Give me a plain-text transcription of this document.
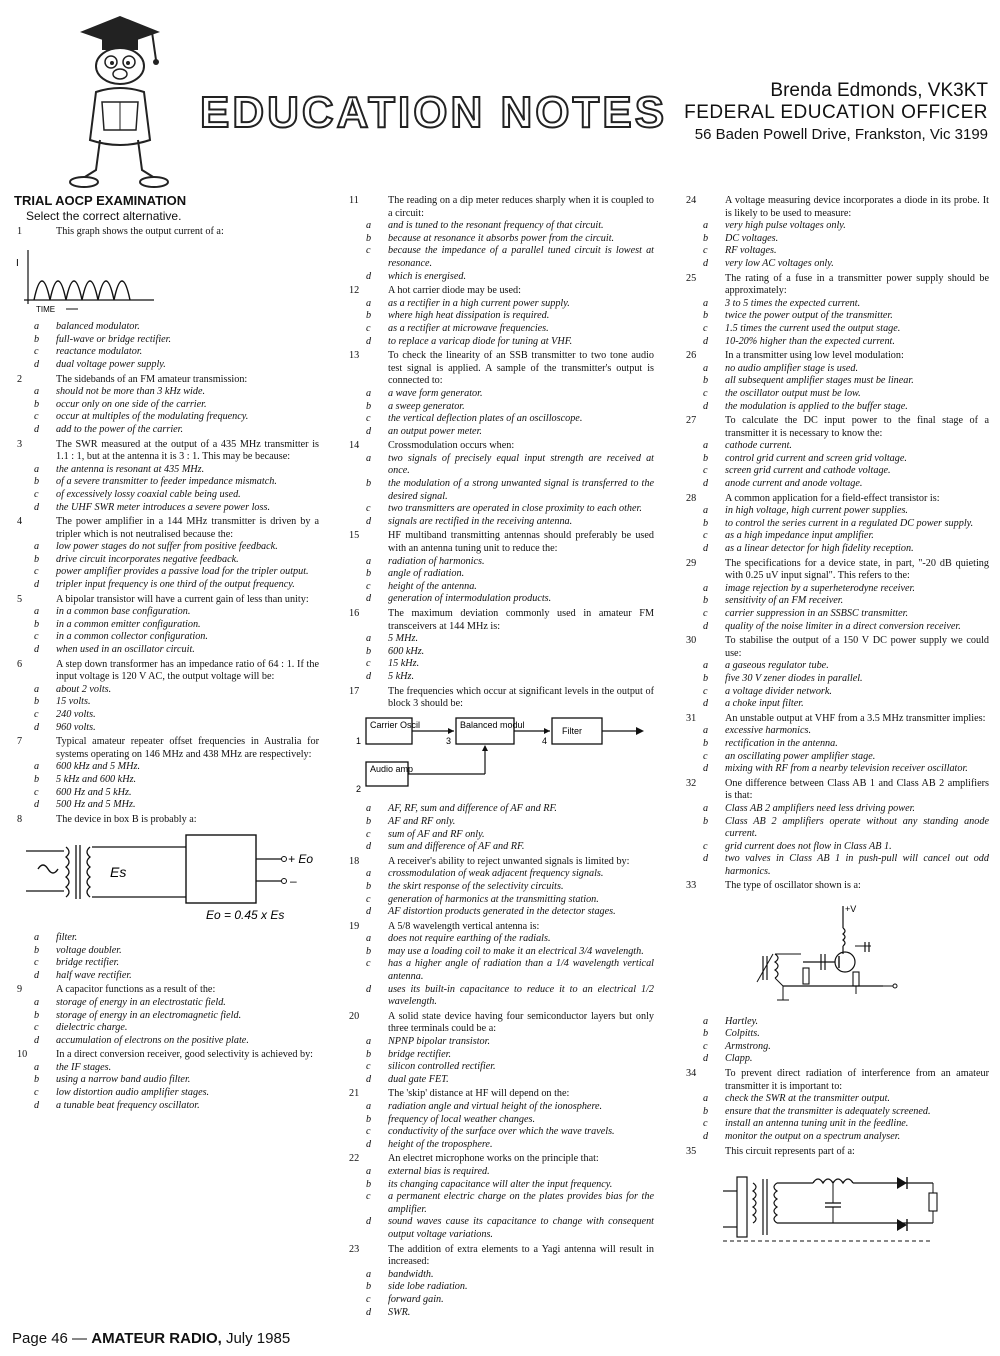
EDUCATION NOTES	Brenda Edmonds, VK3KT
FEDERAL EDUCATION OFFICER
56 Baden Powell Drive, Frankston, Vic 3199
TRIAL AOCP EXAMINATION
Select the correct alternative.
1	This graph shows the output current of a:
I
TIME
a	balanced modulator.
b	full-wave or bridge rectifier.
c	reactance modulator.
d	dual voltage power supply.
2	The sidebands of an FM amateur transmission:
a	should not be more than 3 kHz wide.
b	occur only on one side of the carrier.
c	occur at multiples of the modulating frequency.
d	add to the power of the carrier.
3	The SWR measured at the output of a 435 MHz transmitter is 1.1 : 1, but at the antenna it is 3 : 1. This may be because:
a	the antenna is resonant at 435 MHz.
b	of a severe transmitter to feeder impedance mismatch.
c	of excessively lossy coaxial cable being used.
d	the UHF SWR meter introduces a severe power loss.
4	The power amplifier in a 144 MHz transmitter is driven by a tripler which is not neutralised because the:
a	low power stages do not suffer from positive feedback.
b	drive circuit incorporates negative feedback.
c	power amplifier provides a passive load for the tripler output.
d	tripler input frequency is one third of the output frequency.
5	A bipolar transistor will have a current gain of less than unity:
a	in a common base configuration.
b	in a common emitter configuration.
c	in a common collector configuration.
d	when used in an oscillator circuit.
6	A step down transformer has an impedance ratio of 64 : 1. If the input voltage is 120 V AC, the output voltage will be:
a	about 2 volts.
b	15 volts.
c	240 volts.
d	960 volts.
7	Typical amateur repeater offset frequencies in Australia for systems operating on 146 MHz and 438 MHz are respectively:
a	600 kHz and 5 MHz.
b	5 kHz and 600 kHz.
c	600 Hz and 5 kHz.
d	500 Hz and 5 MHz.
8	The device in box B is probably a:
Es
+ Eo
–
Eo = 0.45 x Es
a	filter.
b	voltage doubler.
c	bridge rectifier.
d	half wave rectifier.
9	A capacitor functions as a result of the:
a	storage of energy in an electrostatic field.
b	storage of energy in an electromagnetic field.
c	dielectric charge.
d	accumulation of electrons on the positive plate.
10	In a direct conversion receiver, good selectivity is achieved by:
a	the IF stages.
b	using a narrow band audio filter.
c	low distortion audio amplifier stages.
d	a tunable beat frequency oscillator.
11	The reading on a dip meter reduces sharply when it is coupled to a circuit:
a	and is tuned to the resonant frequency of that circuit.
b	because at resonance it absorbs power from the circuit.
c	because the impedance of a parallel tuned circuit is lowest at resonance.
d	which is energised.
12	A hot carrier diode may be used:
a	as a rectifier in a high current power supply.
b	where high heat dissipation is required.
c	as a rectifier at microwave frequencies.
d	to replace a varicap diode for tuning at VHF.
13	To check the linearity of an SSB transmitter to two tone audio test signal is applied. A sample of the transmitter's output is connected to:
a	a wave form generator.
b	a sweep generator.
c	the vertical deflection plates of an oscilloscope.
d	an output power meter.
14	Crossmodulation occurs when:
a	two signals of precisely equal input strength are received at once.
b	the modulation of a strong unwanted signal is transferred to the desired signal.
c	two transmitters are operated in close proximity to each other.
d	signals are rectified in the receiving antenna.
15	HF multiband transmitting antennas should preferably be used with an antenna tuning unit to reduce the:
a	radiation of harmonics.
b	angle of radiation.
c	height of the antenna.
d	generation of intermodulation products.
16	The maximum deviation commonly used in amateur FM transceivers at 144 MHz is:
a	5 MHz.
b	600 kHz.
c	15 kHz.
d	5 kHz.
17	The frequencies which occur at significant levels in the output of block 3 should be:
Carrier Oscil	Balanced modul
Filter
Audio amp
1
2
3	4
a	AF, RF, sum and difference of AF and RF.
b	AF and RF only.
c	sum of AF and RF only.
d	sum and difference of AF and RF.
18	A receiver's ability to reject unwanted signals is limited by:
a	crossmodulation of weak adjacent frequency signals.
b	the skirt response of the selectivity circuits.
c	generation of harmonics at the transmitting station.
d	AF distortion products generated in the detector stages.
19	A 5/8 wavelength vertical antenna is:
a	does not require earthing of the radials.
b	may use a loading coil to make it an electrical 3/4 wavelength.
c	has a higher angle of radiation than a 1/4 wavelength vertical antenna.
d	uses its built-in capacitance to reduce it to an electrical 1/2 wavelength.
20	A solid state device having four semiconductor layers but only three terminals could be a:
a	NPNP bipolar transistor.
b	bridge rectifier.
c	silicon controlled rectifier.
d	dual gate FET.
21	The 'skip' distance at HF will depend on the:
a	radiation angle and virtual height of the ionosphere.
b	frequency of local weather changes.
c	conductivity of the surface over which the wave travels.
d	height of the troposphere.
22	An electret microphone works on the principle that:
a	external bias is required.
b	its changing capacitance will alter the input frequency.
c	a permanent electric charge on the plates provides bias for the amplifier.
d	sound waves cause its capacitance to change with consequent output voltage variations.
23	The addition of extra elements to a Yagi antenna will result in increased:
a	bandwidth.
b	side lobe radiation.
c	forward gain.
d	SWR.
24	A voltage measuring device incorporates a diode in its probe. It is likely to be used to measure:
a	very high pulse voltages only.
b	DC voltages.
c	RF voltages.
d	very low AC voltages only.
25	The rating of a fuse in a transmitter power supply should be approximately:
a	3 to 5 times the expected current.
b	twice the power output of the transmitter.
c	1.5 times the current used the output stage.
d	10-20% higher than the expected current.
26	In a transmitter using low level modulation:
a	no audio amplifier stage is used.
b	all subsequent amplifier stages must be linear.
c	the oscillator output must be low.
d	the modulation is applied to the buffer stage.
27	To calculate the DC input power to the final stage of a transmitter it is necessary to know the:
a	cathode current.
b	control grid current and screen grid voltage.
c	screen grid current and cathode voltage.
d	anode current and anode voltage.
28	A common application for a field-effect transistor is:
a	in high voltage, high current power supplies.
b	to control the series current in a regulated DC power supply.
c	as a high impedance input amplifier.
d	as a linear detector for high fidelity reception.
29	The specifications for a device state, in part, "-20 dB quieting with 0.25 uV input signal". This refers to the:
a	image rejection by a superheterodyne receiver.
b	sensitivity of an FM receiver.
c	carrier suppression in an SSBSC transmitter.
d	quality of the noise limiter in a direct conversion receiver.
30	To stabilise the output of a 150 V DC power supply we could use:
a	a gaseous regulator tube.
b	five 30 V zener diodes in parallel.
c	a voltage divider network.
d	a choke input filter.
31	An unstable output at VHF from a 3.5 MHz transmitter implies:
a	excessive harmonics.
b	rectification in the antenna.
c	an oscillating power amplifier stage.
d	mixing with RF from a nearby television receiver oscillator.
32	One difference between Class AB 1 and Class AB 2 amplifiers is that:
a	Class AB 2 amplifiers need less driving power.
b	Class AB 2 amplifiers operate without any standing anode current.
c	grid current does not flow in Class AB 1.
d	two valves in Class AB 1 in push-pull will cancel out odd harmonics.
33	The type of oscillator shown is a:
+V
a	Hartley.
b	Colpitts.
c	Armstrong.
d	Clapp.
34	To prevent direct radiation of interference from an amateur transmitter it is important to:
a	check the SWR at the transmitter output.
b	ensure that the transmitter is adequately screened.
c	install an antenna tuning unit in the feedline.
d	monitor the output on a spectrum analyser.
35	This circuit represents part of a:
Page 46 — AMATEUR RADIO, July 1985
